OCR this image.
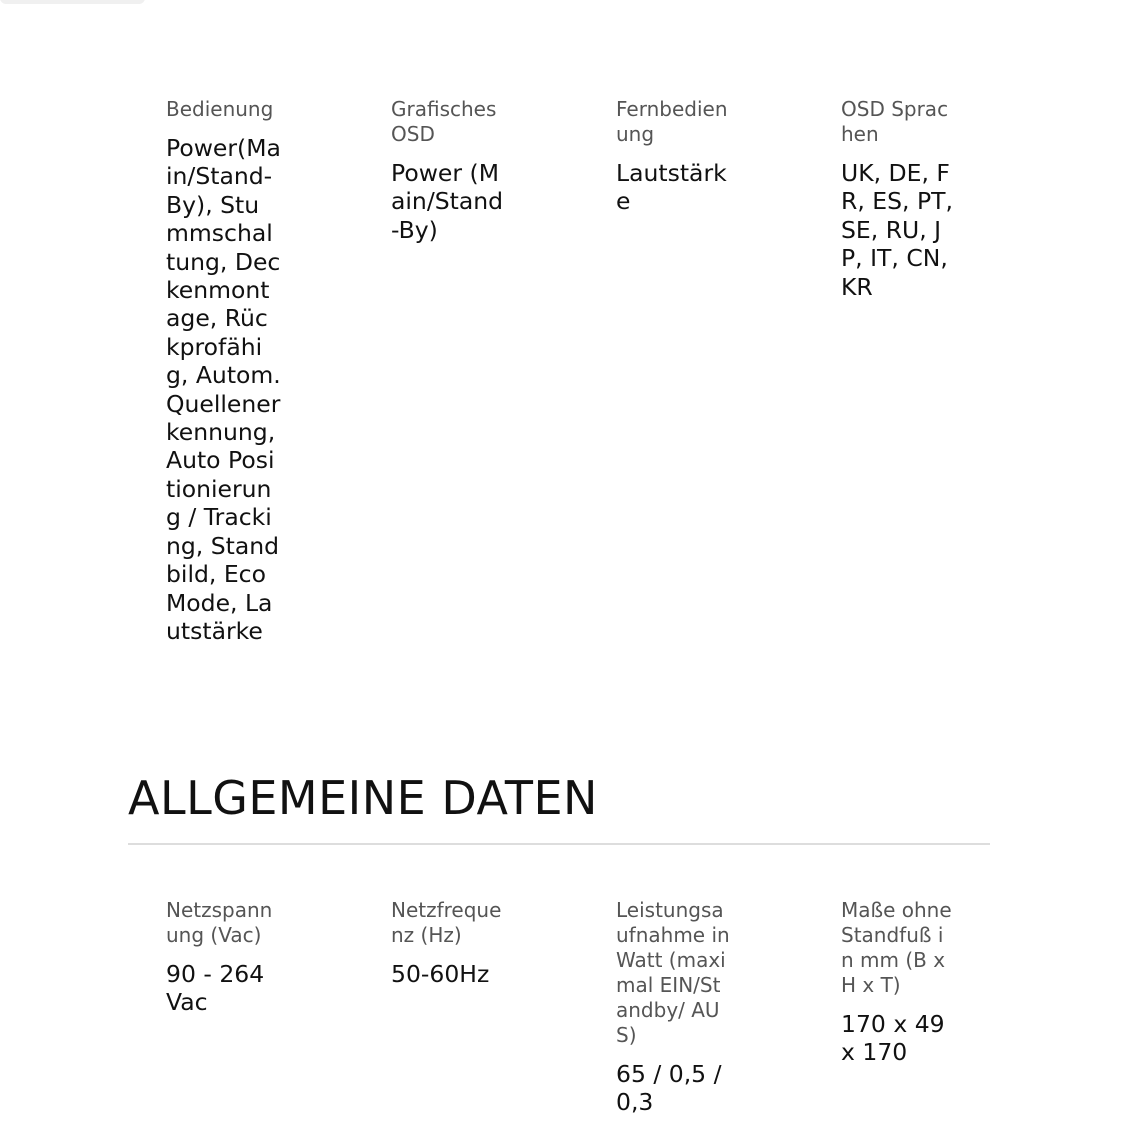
Bedienung
Power(Main/Stand-By), Stummschaltung, Deckenmontage, Rückprofähig, Autom. Quellenerkennung, Auto Positionierung / Tracking, Standbild, Eco Mode, Lautstärke
Grafisches OSD
Power (Main/Stand-By)
Fernbedienung
Lautstärke
OSD Sprachen
UK, DE, FR, ES, PT, SE, RU, JP, IT, CN, KR
ALLGEMEINE DATEN
Netzspannung (Vac)
90 - 264 Vac
Netzfrequenz (Hz)
50-60Hz
Leistungsaufnahme in Watt (maximal EIN/Standby/ AUS)
65 / 0,5 / 0,3
Maße ohne Standfuß in mm (B x H x T)
170 x 49 x 170
